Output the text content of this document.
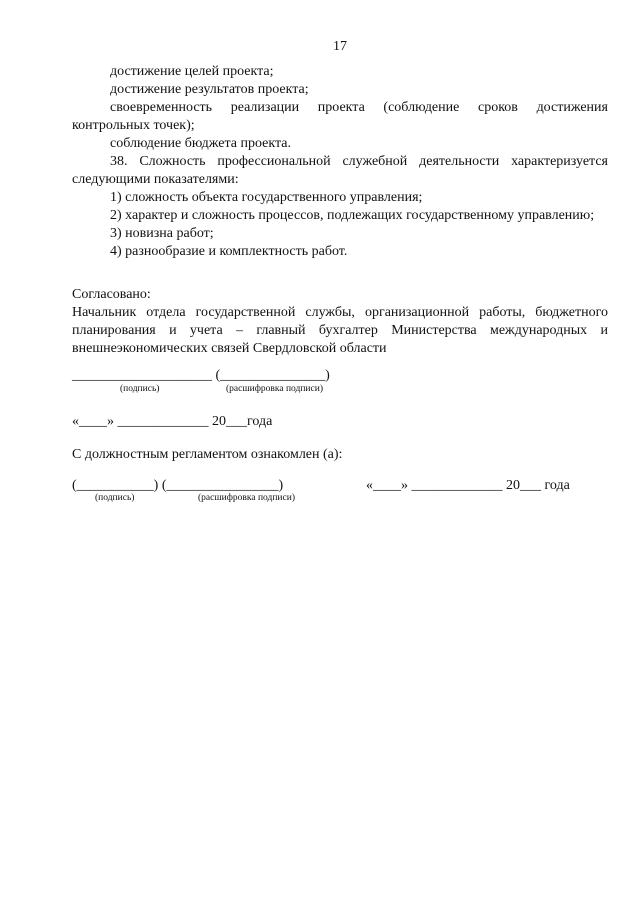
17

достижение целей проекта;

достижение результатов проекта;

своевременность реализации проекта (соблюдение сроков достижения контрольных точек);

соблюдение бюджета проекта.

38. Сложность профессиональной служебной деятельности характеризуется следующими показателями:

1) сложность объекта государственного управления;

2) характер и сложность процессов, подлежащих государственному управлению;

3) новизна работ;

4) разнообразие и комплектность работ.

Согласовано:

Начальник отдела государственной службы, организационной работы, бюджетного планирования и учета – главный бухгалтер Министерства международных и внешнеэкономических связей Свердловской области

____________________ (_______________)
(подпись)	(расшифровка подписи)
«____» _____________ 20___года
С должностным регламентом ознакомлен (а):
(___________) (________________)
(подпись)	(расшифровка подписи)
«____» _____________ 20___ года
